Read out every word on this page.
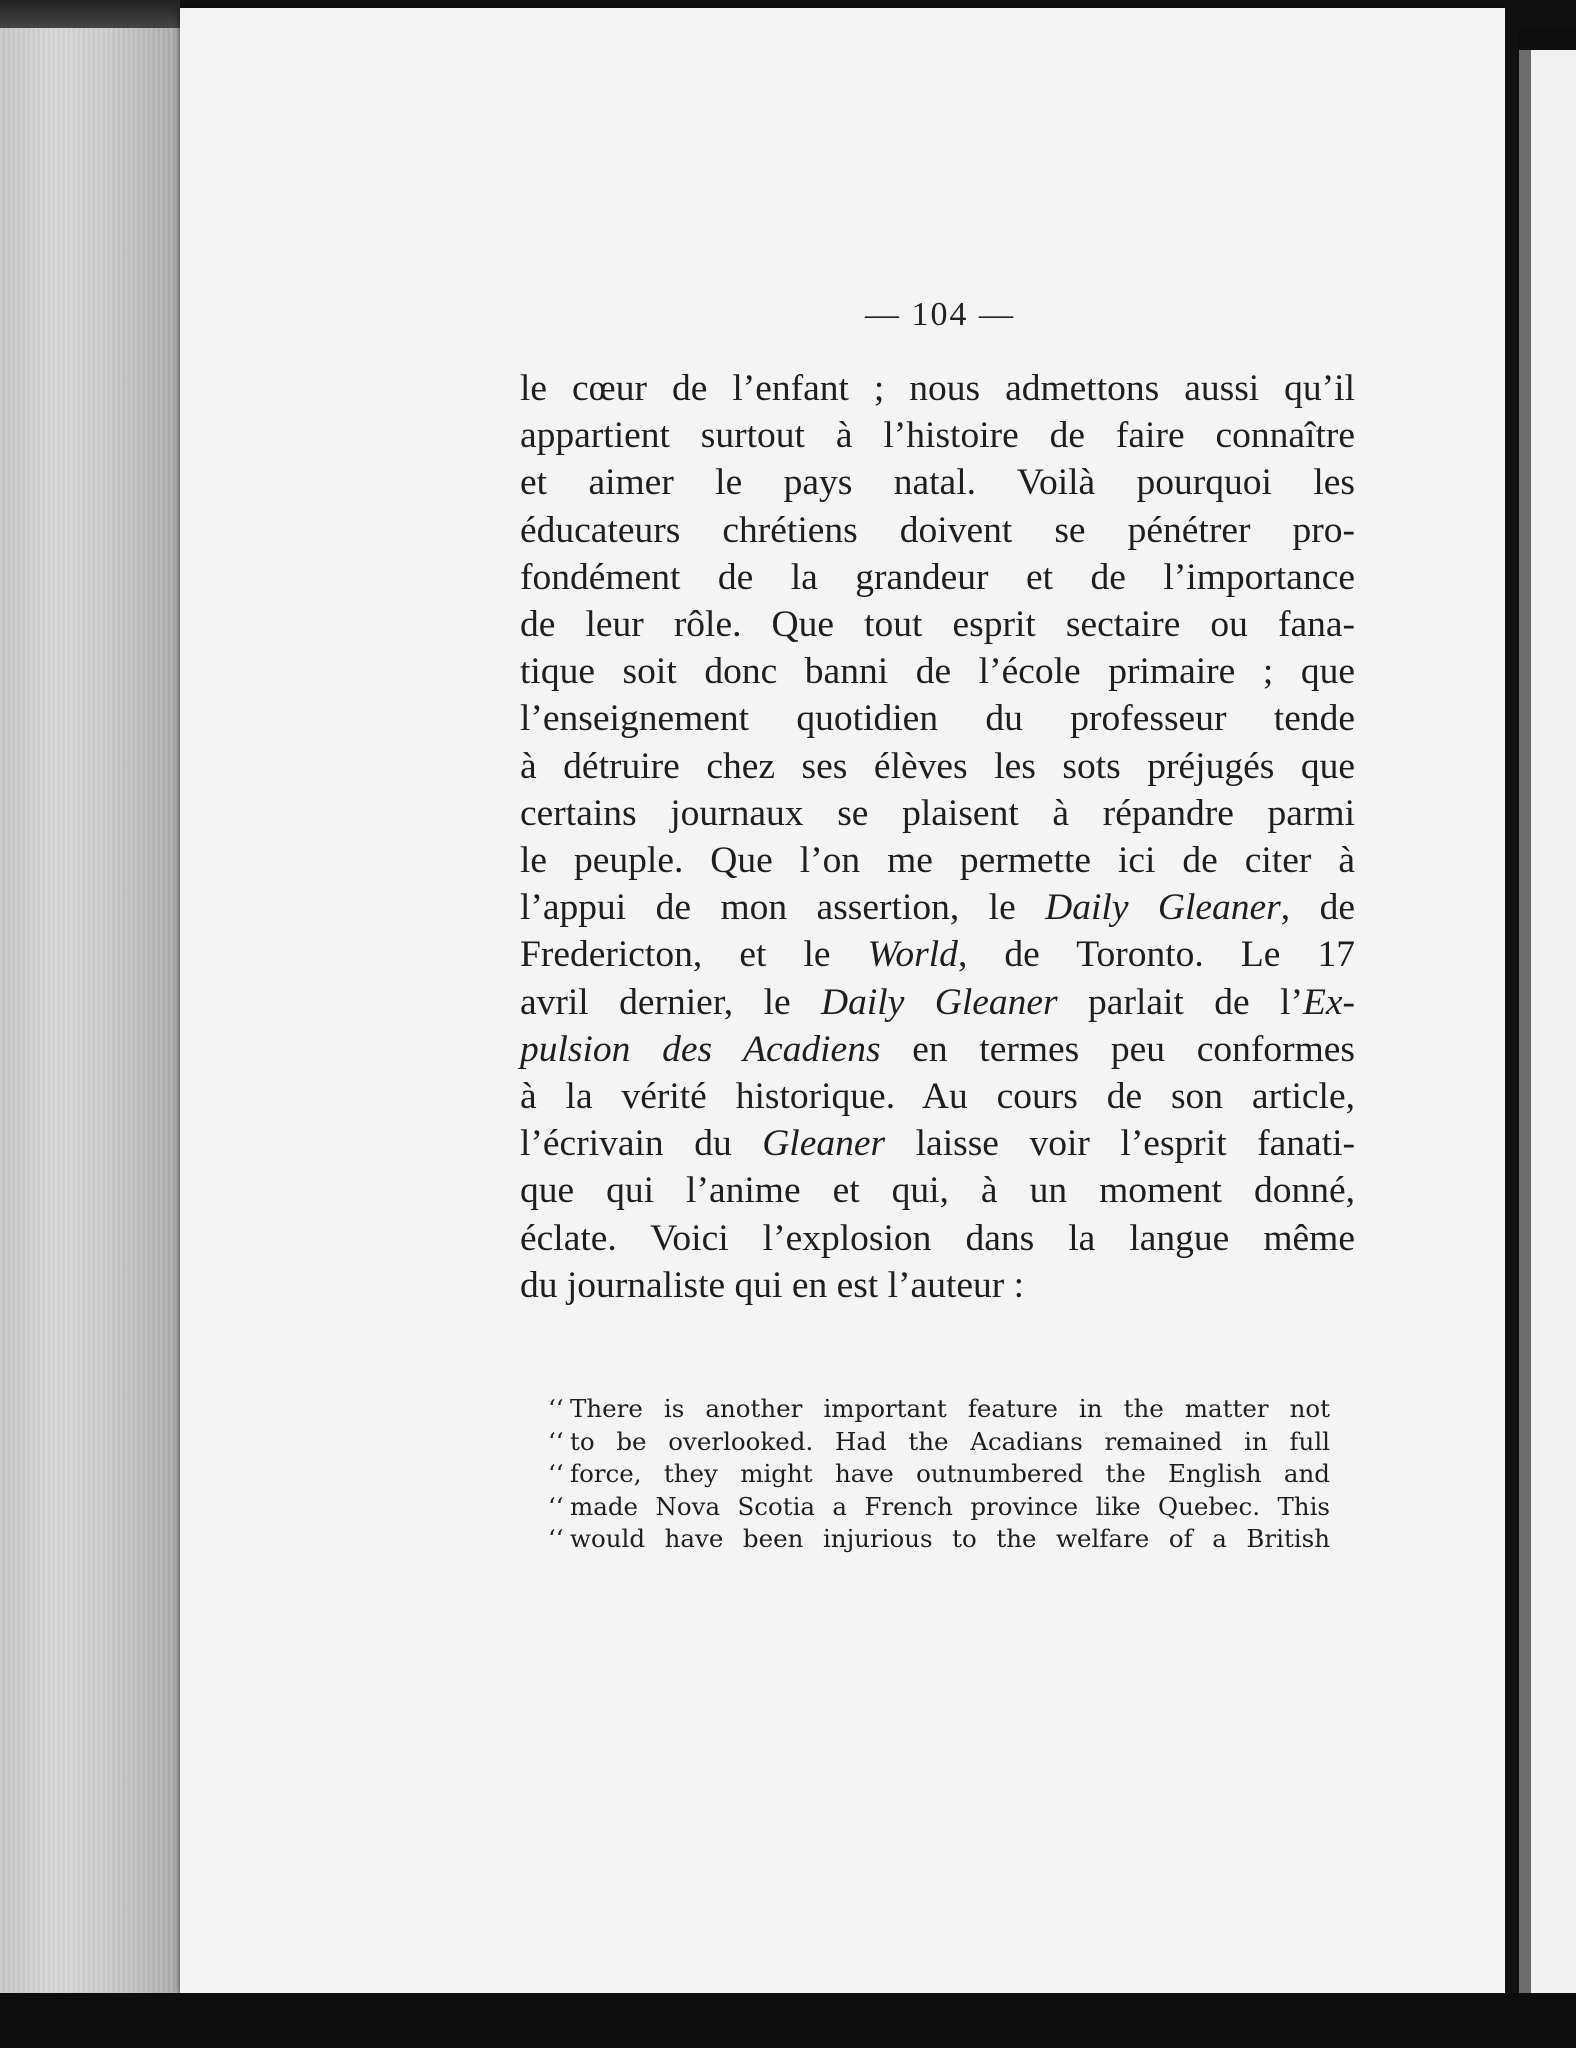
— 104 —
le cœur de l’enfant ; nous admettons aussi qu’il
appartient surtout à l’histoire de faire connaître
et aimer le pays natal. Voilà pourquoi les
éducateurs chrétiens doivent se pénétrer pro-
fondément de la grandeur et de l’importance
de leur rôle. Que tout esprit sectaire ou fana-
tique soit donc banni de l’école primaire ; que
l’enseignement quotidien du professeur tende
à détruire chez ses élèves les sots préjugés que
certains journaux se plaisent à répandre parmi
le peuple. Que l’on me permette ici de citer à
l’appui de mon assertion, le Daily Gleaner, de
Fredericton, et le World, de Toronto. Le 17
avril dernier, le Daily Gleaner parlait de l’Ex-
pulsion des Acadiens en termes peu conformes
à la vérité historique. Au cours de son article,
l’écrivain du Gleaner laisse voir l’esprit fanati-
que qui l’anime et qui, à un moment donné,
éclate. Voici l’explosion dans la langue même
du journaliste qui en est l’auteur :
‘‘ There is another important feature in the matter not
‘‘ to be overlooked. Had the Acadians remained in full
‘‘ force, they might have outnumbered the English and
‘‘ made Nova Scotia a French province like Quebec. This
‘‘ would have been injurious to the welfare of a British
